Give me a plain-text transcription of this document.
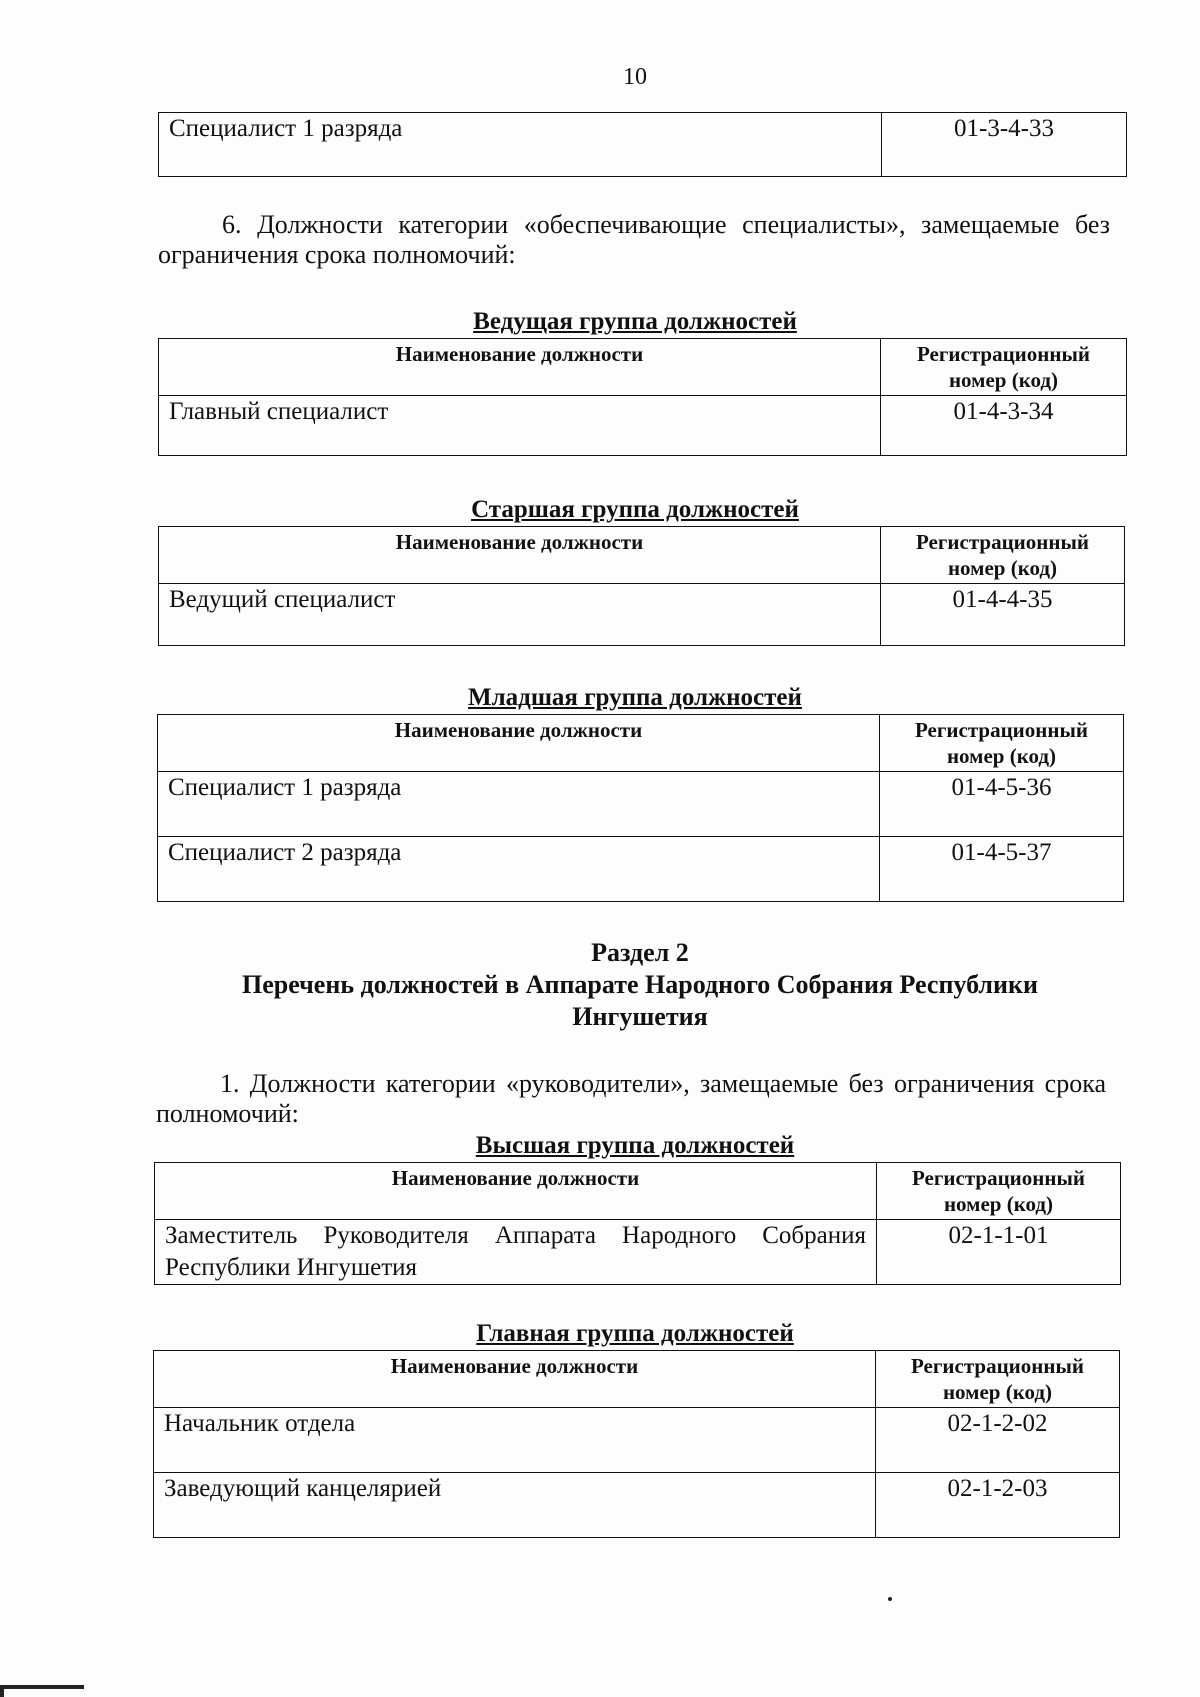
10
Специалист 1 разряда	01-3-4-33
6. Должности категории «обеспечивающие специалисты», замещаемые без ограничения срока полномочий:
Ведущая группа должностей
Наименование должности	Регистрационный номер (код)
Главный специалист	01-4-3-34
Старшая группа должностей
Наименование должности	Регистрационный номер (код)
Ведущий специалист	01-4-4-35
Младшая группа должностей
Наименование должности	Регистрационный номер (код)
Специалист 1 разряда	01-4-5-36
Специалист 2 разряда	01-4-5-37
Раздел 2
Перечень должностей в Аппарате Народного Собрания Республики
Ингушетия
1. Должности категории «руководители», замещаемые без ограничения срока полномочий:
Высшая группа должностей
Наименование должности	Регистрационный номер (код)
Заместитель Руководителя Аппарата Народного Собрания Республики Ингушетия	02-1-1-01
Главная группа должностей
Наименование должности	Регистрационный номер (код)
Начальник отдела	02-1-2-02
Заведующий канцелярией	02-1-2-03
